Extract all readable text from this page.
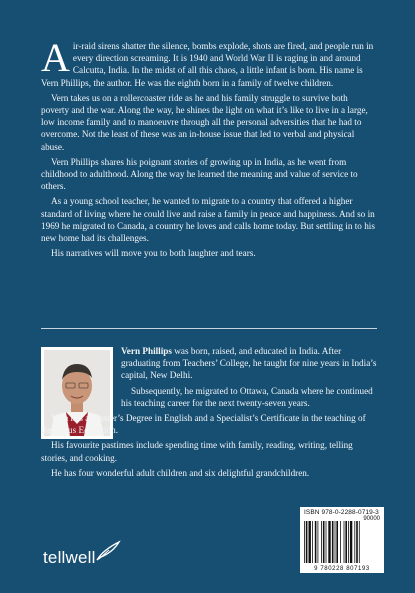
Air-raid sirens shatter the silence, bombs explode, shots are fired, and people run in every direction screaming. It is 1940 and World War II is raging in and around Calcutta, India. In the midst of all this chaos, a little infant is born. His name is Vern Phillips, the author. He was the eighth born in a family of twelve children.

Vern takes us on a rollercoaster ride as he and his family struggle to survive both poverty and the war. Along the way, he shines the light on what it’s like to live in a large, low income family and to manoeuvre through all the personal adversities that he had to overcome. Not the least of these was an in-house issue that led to verbal and physical abuse.

Vern Phillips shares his poignant stories of growing up in India, as he went from childhood to adulthood. Along the way he learned the meaning and value of service to others.

As a young school teacher, he wanted to migrate to a country that offered a higher standard of living where he could live and raise a family in peace and happiness. And so in 1969 he migrated to Canada, a country he loves and calls home today. But settling in to his new home had its challenges.

His narratives will move you to both laughter and tears.

Vern Phillips was born, raised, and educated in India. After graduating from Teachers’ College, he taught for nine years in India’s capital, New Delhi.

Subsequently, he migrated to Ottawa, Canada where he continued his teaching career for the next twenty-seven years.

Vern has a Master’s Degree in English and a Specialist’s Certificate in the teaching of Religious Education.

His favourite pastimes include spending time with family, reading, writing, telling stories, and cooking.

He has four wonderful adult children and six delightful grandchildren.

tellwell
ISBN 978-0-2288-0719-3
90000
9 780228 807193
